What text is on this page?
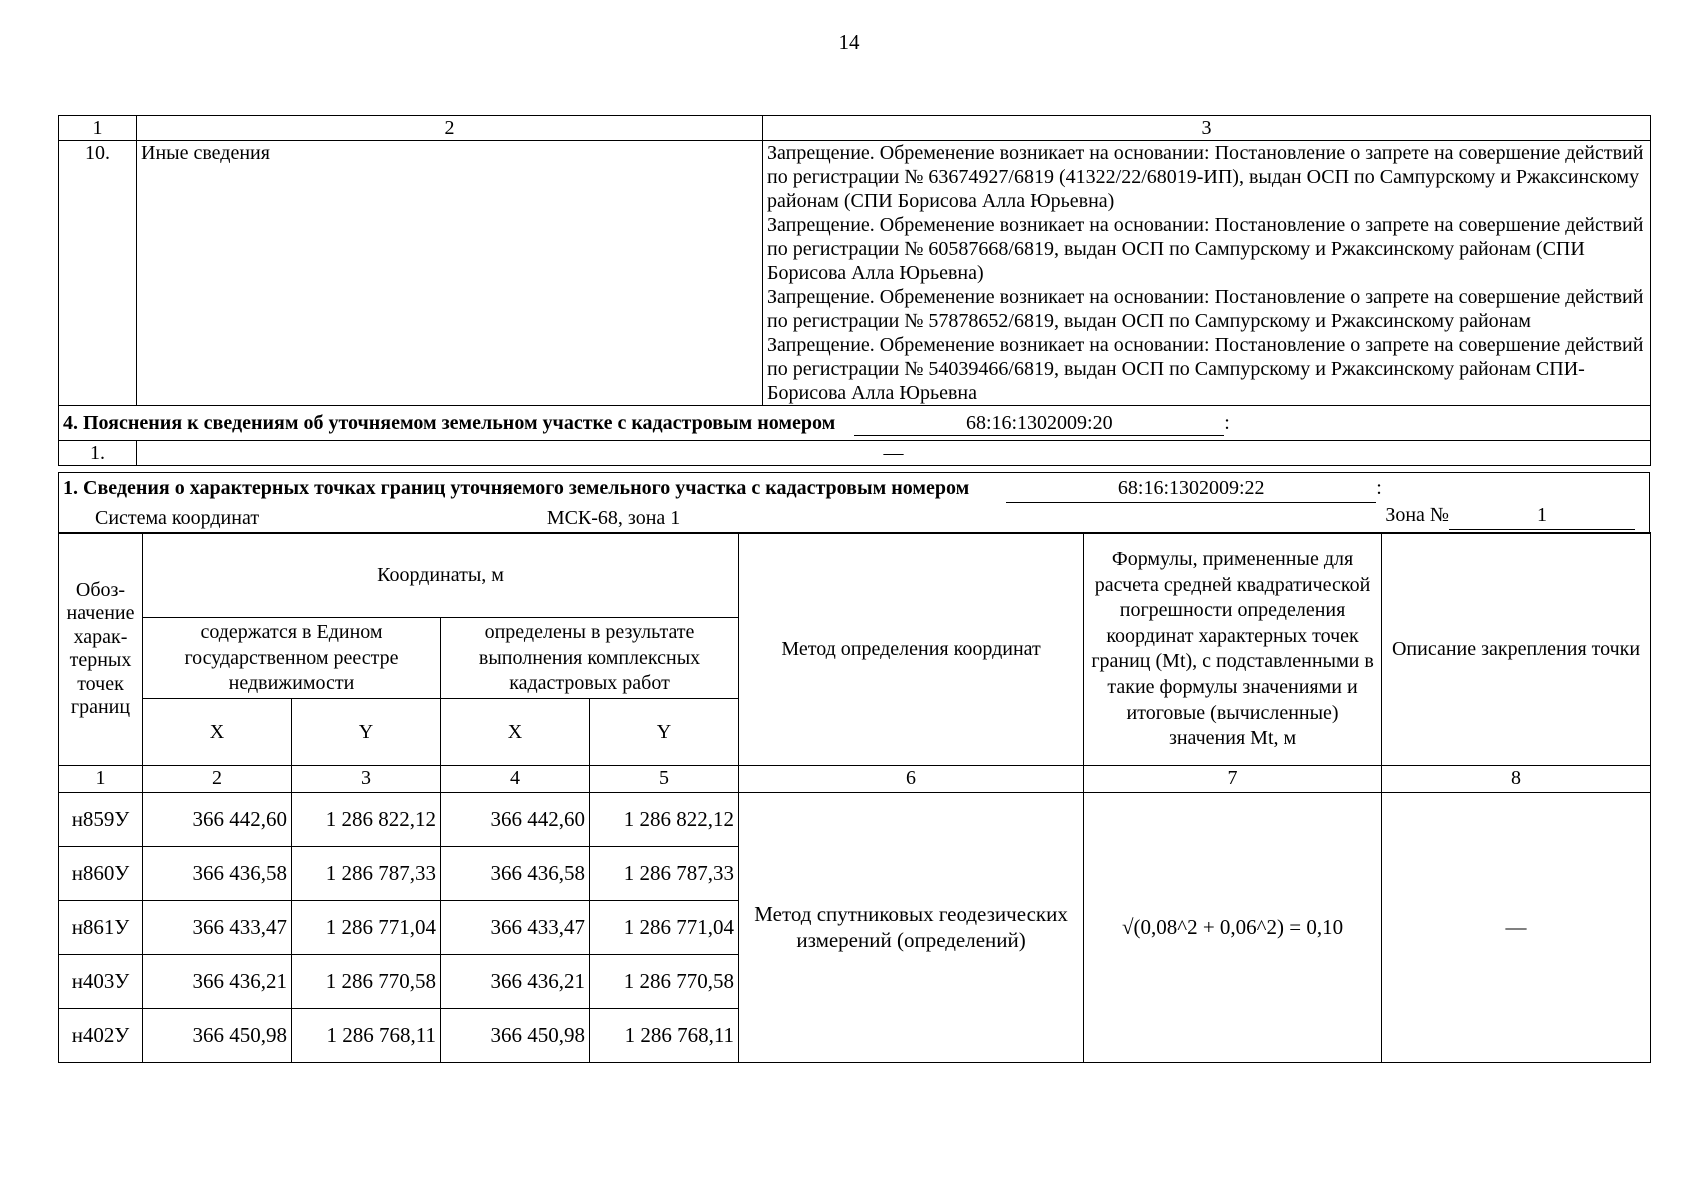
14
1	2	3
10.	Иные сведения	Запрещение. Обременение возникает на основании: Постановление о запрете на совершение действий по регистрации № 63674927/6819 (41322/22/68019-ИП), выдан ОСП по Сампурскому и Ржаксинскому районам (СПИ Борисова Алла Юрьевна)
Запрещение. Обременение возникает на основании: Постановление о запрете на совершение действий по регистрации № 60587668/6819, выдан ОСП по Сампурскому и Ржаксинскому районам (СПИ Борисова Алла Юрьевна)
Запрещение. Обременение возникает на основании: Постановление о запрете на совершение действий по регистрации № 57878652/6819, выдан ОСП по Сампурскому и Ржаксинскому районам
Запрещение. Обременение возникает на основании: Постановление о запрете на совершение действий по регистрации № 54039466/6819, выдан ОСП по Сампурскому и Ржаксинскому районам СПИ-Борисова Алла Юрьевна

4. Пояснения к сведениям об уточняемом земельном участке с кадастровым номером 68:16:1302009:20 :		
1.	—	
1. Сведения о характерных точках границ уточняемого земельного участка с кадастровым номером	68:16:1302009:22	:
Система координат	МСК-68, зона 1	Зона №	1
Обоз-начение харак-терных точек границ	Координаты, м				Метод определения координат	Формулы, примененные для расчета средней квадратической погрешности определения координат характерных точек границ (Mt), с подставленными в такие формулы значениями и итоговые (вычисленные) значения Mt, м	Описание закрепления точки
	содержатся в Едином государственном реестре недвижимости		определены в результате выполнения комплексных кадастровых работ				
	X	Y	X	Y			
1	2	3	4	5	6	7	8
н859У	366 442,60	1 286 822,12	366 442,60	1 286 822,12	Метод спутниковых геодезических измерений (определений)	√(0,08^2 + 0,06^2) = 0,10	—
н860У	366 436,58	1 286 787,33	366 436,58	1 286 787,33			
н861У	366 433,47	1 286 771,04	366 433,47	1 286 771,04			
н403У	366 436,21	1 286 770,58	366 436,21	1 286 770,58			
н402У	366 450,98	1 286 768,11	366 450,98	1 286 768,11			
